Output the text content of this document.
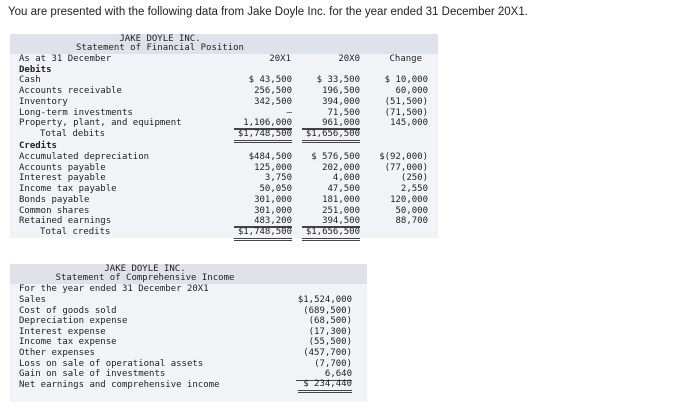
You are presented with the following data from Jake Doyle Inc. for the year ended 31 December 20X1.
JAKE DOYLE INC.
Statement of Financial Position
As at 31 December	20X1	20X0	Change
Debits
Cash	$ 43,500	$ 33,500	$ 10,000
Accounts receivable	256,500	196,500	60,000
Inventory	342,500	394,000	(51,500)
Long-term investments	–	71,500	(71,500)
Property, plant, and equipment	1,106,000	961,000	145,000
Total debits	$1,748,500	$1,656,500
Credits
Accumulated depreciation	$484,500	$ 576,500	$(92,000)
Accounts payable	125,000	202,000	(77,000)
Interest payable	3,750	4,000	(250)
Income tax payable	50,050	47,500	2,550
Bonds payable	301,000	181,000	120,000
Common shares	301,000	251,000	50,000
Retained earnings	483,200	394,500	88,700
Total credits	$1,748,500	$1,656,500
JAKE DOYLE INC.
Statement of Comprehensive Income
For the year ended 31 December 20X1
Sales	$1,524,000
Cost of goods sold	(689,500)
Depreciation expense	(68,500)
Interest expense	(17,300)
Income tax expense	(55,500)
Other expenses	(457,700)
Loss on sale of operational assets	(7,700)
Gain on sale of investments	6,640
Net earnings and comprehensive income	$ 234,440
